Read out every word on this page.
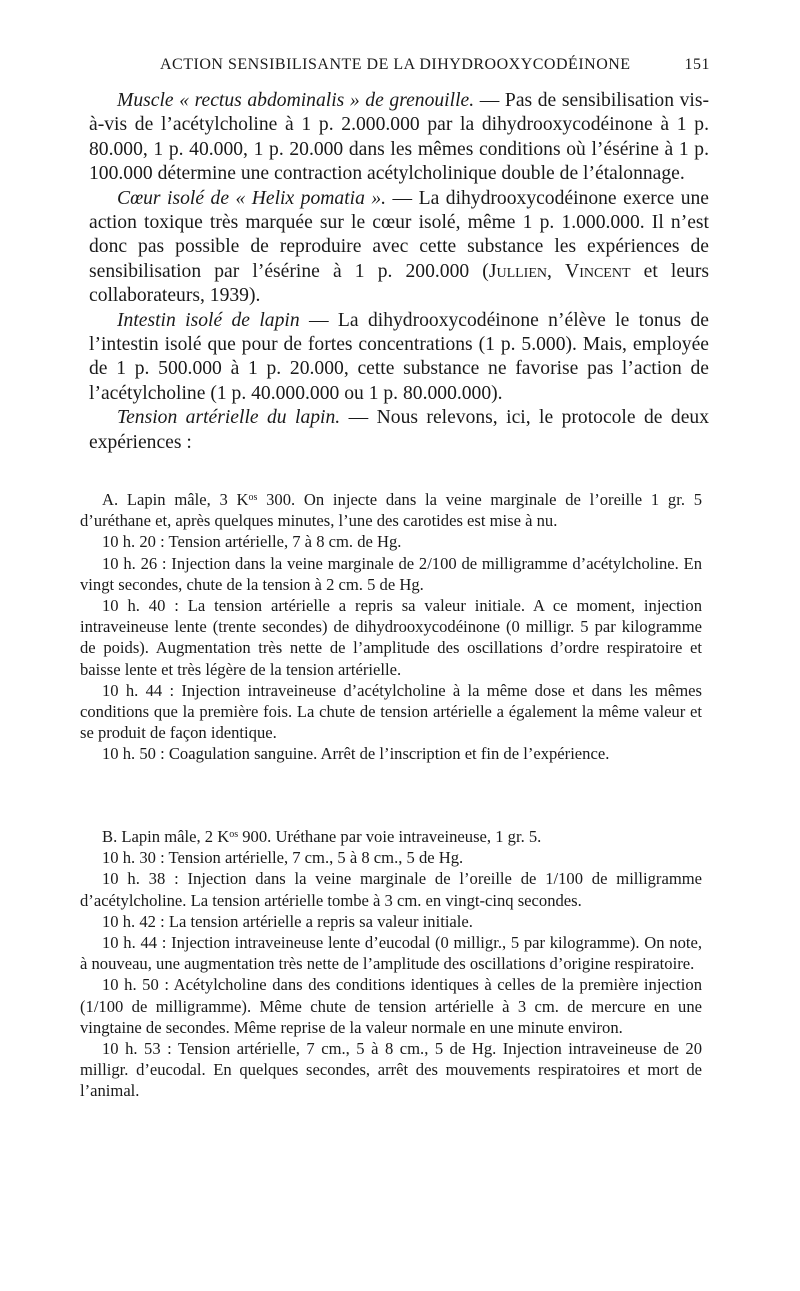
ACTION SENSIBILISANTE DE LA DIHYDROOXYCODÉINONE	151

Muscle « rectus abdominalis » de grenouille. — Pas de sensibilisation vis-à-vis de l’acétylcholine à 1 p. 2.000.000 par la dihydrooxycodéinone à 1 p. 80.000, 1 p. 40.000, 1 p. 20.000 dans les mêmes conditions où l’ésérine à 1 p. 100.000 détermine une contraction acétylcholinique double de l’étalonnage.

Cœur isolé de « Helix pomatia ». — La dihydrooxycodéinone exerce une action toxique très marquée sur le cœur isolé, même 1 p. 1.000.000. Il n’est donc pas possible de reproduire avec cette substance les expériences de sensibilisation par l’ésérine à 1 p. 200.000 (Jullien, Vincent et leurs collaborateurs, 1939).

Intestin isolé de lapin — La dihydrooxycodéinone n’élève le tonus de l’intestin isolé que pour de fortes concentrations (1 p. 5.000). Mais, employée de 1 p. 500.000 à 1 p. 20.000, cette substance ne favorise pas l’action de l’acétylcholine (1 p. 40.000.000 ou 1 p. 80.000.000).

Tension artérielle du lapin. — Nous relevons, ici, le protocole de deux expériences :

A. Lapin mâle, 3 $K^{os}$ 300. On injecte dans la veine marginale de l’oreille 1 gr. 5 d’uréthane et, après quelques minutes, l’une des carotides est mise à nu.

10 h. 20 : Tension artérielle, 7 à 8 cm. de Hg.

10 h. 26 : Injection dans la veine marginale de 2/100 de milligramme d’acétylcholine. En vingt secondes, chute de la tension à 2 cm. 5 de Hg.

10 h. 40 : La tension artérielle a repris sa valeur initiale. A ce moment, injection intraveineuse lente (trente secondes) de dihydrooxycodéinone (0 milligr. 5 par kilogramme de poids). Augmentation très nette de l’amplitude des oscillations d’ordre respiratoire et baisse lente et très légère de la tension artérielle.

10 h. 44 : Injection intraveineuse d’acétylcholine à la même dose et dans les mêmes conditions que la première fois. La chute de tension artérielle a également la même valeur et se produit de façon identique.

10 h. 50 : Coagulation sanguine. Arrêt de l’inscription et fin de l’expérience.

B. Lapin mâle, 2 $K^{os}$ 900. Uréthane par voie intraveineuse, 1 gr. 5.

10 h. 30 : Tension artérielle, 7 cm., 5 à 8 cm., 5 de Hg.

10 h. 38 : Injection dans la veine marginale de l’oreille de 1/100 de milligramme d’acétylcholine. La tension artérielle tombe à 3 cm. en vingt-cinq secondes.

10 h. 42 : La tension artérielle a repris sa valeur initiale.

10 h. 44 : Injection intraveineuse lente d’eucodal (0 milligr., 5 par kilogramme). On note, à nouveau, une augmentation très nette de l’amplitude des oscillations d’origine respiratoire.

10 h. 50 : Acétylcholine dans des conditions identiques à celles de la première injection (1/100 de milligramme). Même chute de tension artérielle à 3 cm. de mercure en une vingtaine de secondes. Même reprise de la valeur normale en une minute environ.

10 h. 53 : Tension artérielle, 7 cm., 5 à 8 cm., 5 de Hg. Injection intraveineuse de 20 milligr. d’eucodal. En quelques secondes, arrêt des mouvements respiratoires et mort de l’animal.
